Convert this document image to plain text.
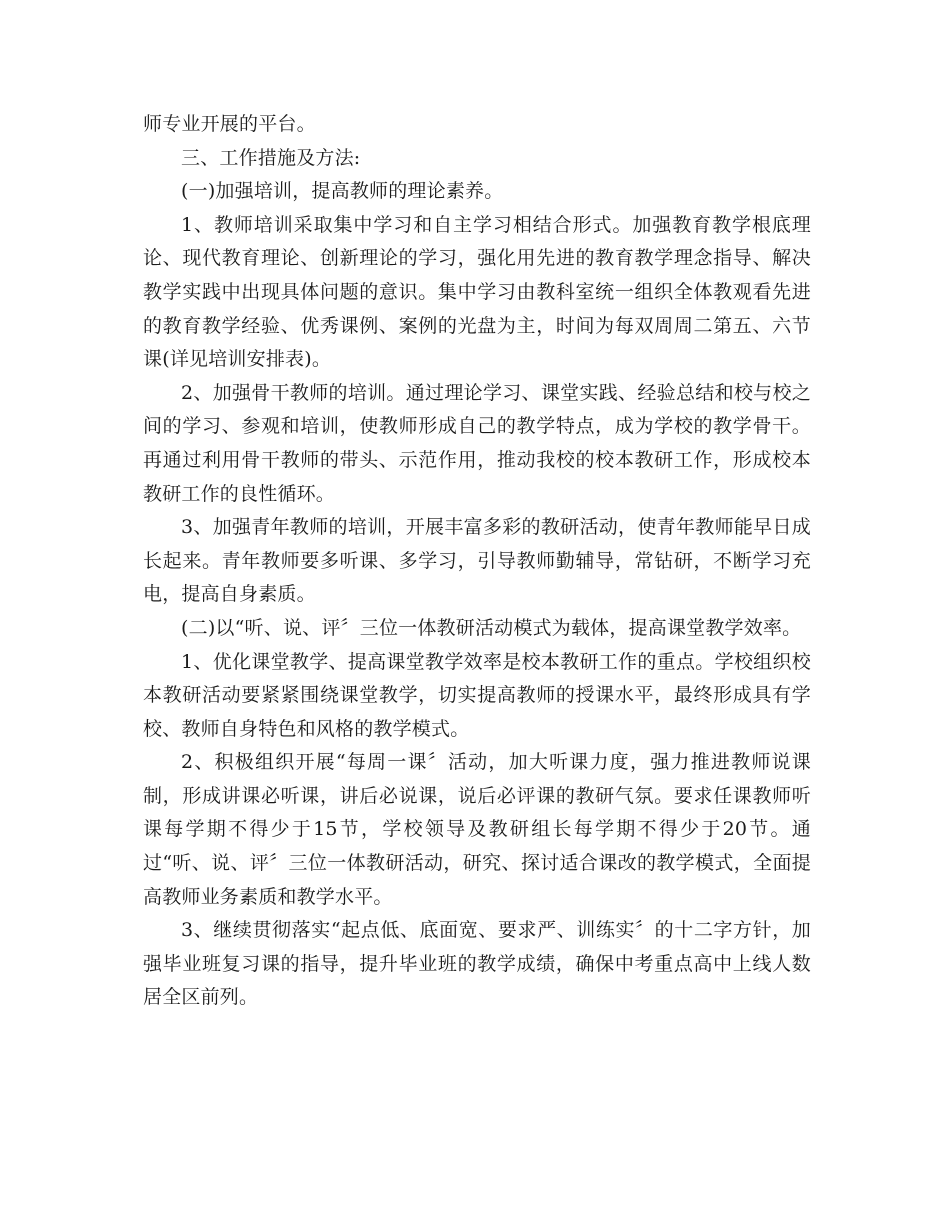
师专业开展的平台。

三、工作措施及方法:

(一)加强培训，提高教师的理论素养。

1、教师培训采取集中学习和自主学习相结合形式。加强教育教学根底理论、现代教育理论、创新理论的学习，强化用先进的教育教学理念指导、解决教学实践中出现具体问题的意识。集中学习由教科室统一组织全体教观看先进的教育教学经验、优秀课例、案例的光盘为主，时间为每双周周二第五、六节课(详见培训安排表)。

2、加强骨干教师的培训。通过理论学习、课堂实践、经验总结和校与校之间的学习、参观和培训，使教师形成自己的教学特点，成为学校的教学骨干。再通过利用骨干教师的带头、示范作用，推动我校的校本教研工作，形成校本教研工作的良性循环。

3、加强青年教师的培训，开展丰富多彩的教研活动，使青年教师能早日成长起来。青年教师要多听课、多学习，引导教师勤辅导，常钻研，不断学习充电，提高自身素质。

(二)以“听、说、评〞三位一体教研活动模式为载体，提高课堂教学效率。

1、优化课堂教学、提高课堂教学效率是校本教研工作的重点。学校组织校本教研活动要紧紧围绕课堂教学，切实提高教师的授课水平，最终形成具有学校、教师自身特色和风格的教学模式。

2、积极组织开展“每周一课〞活动，加大听课力度，强力推进教师说课制，形成讲课必听课，讲后必说课，说后必评课的教研气氛。要求任课教师听课每学期不得少于15节，学校领导及教研组长每学期不得少于20节。通过“听、说、评〞三位一体教研活动，研究、探讨适合课改的教学模式，全面提高教师业务素质和教学水平。

3、继续贯彻落实“起点低、底面宽、要求严、训练实〞的十二字方针，加强毕业班复习课的指导，提升毕业班的教学成绩，确保中考重点高中上线人数居全区前列。
